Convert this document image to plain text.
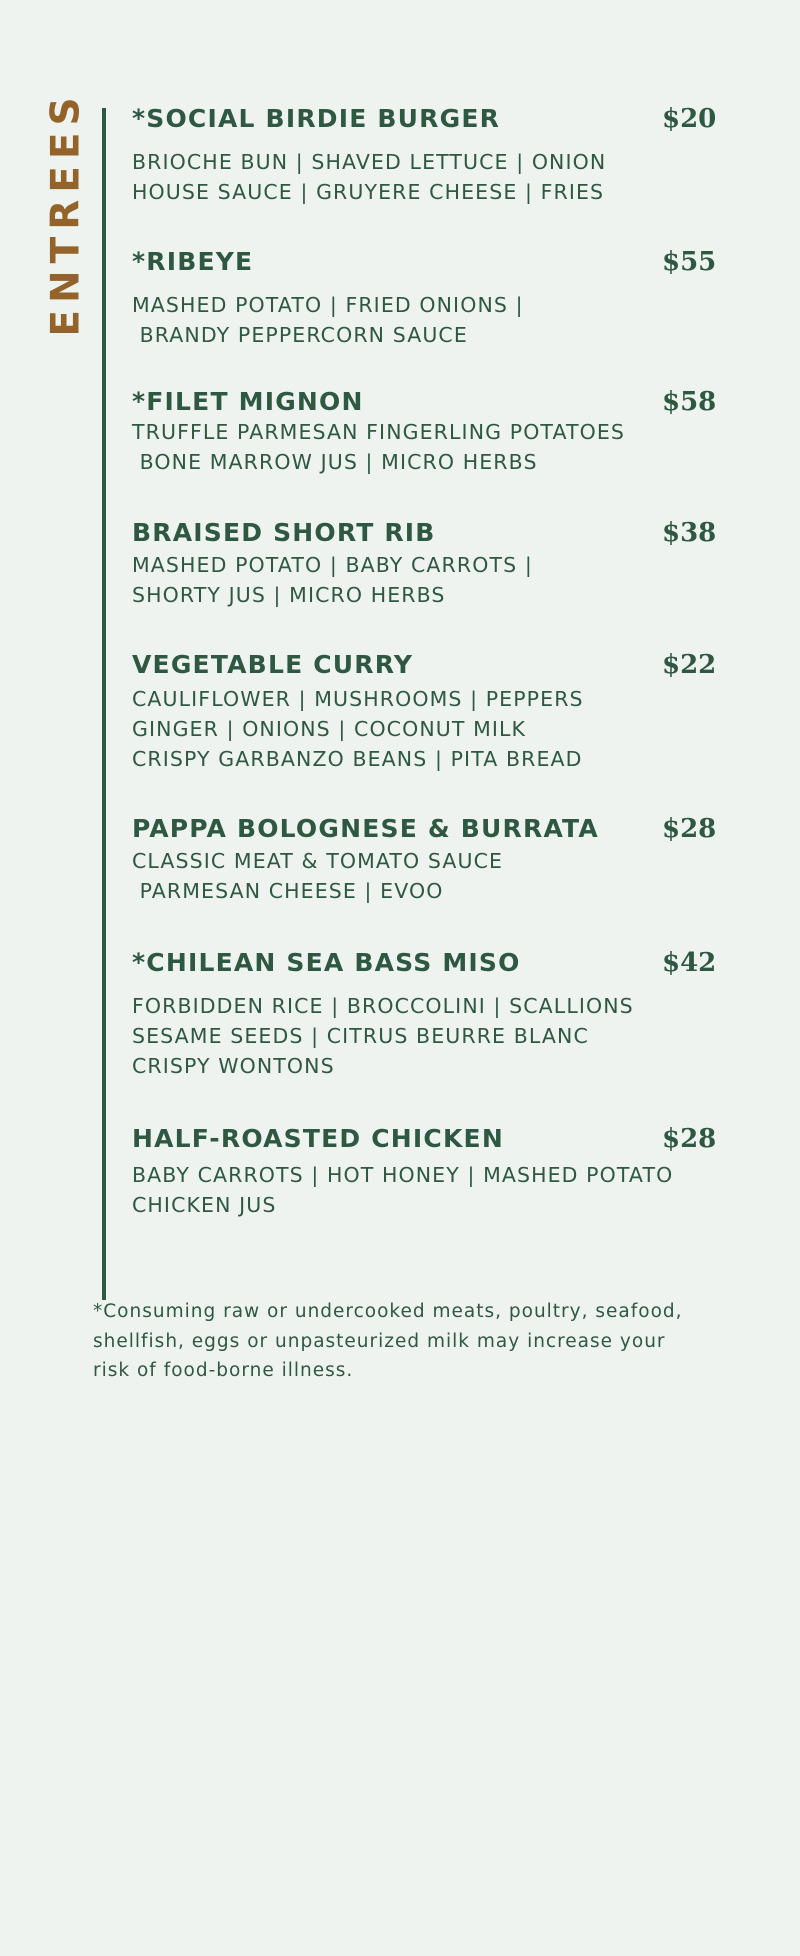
ENTREES *SOCIAL BIRDIE BURGER	$20
BRIOCHE BUN | SHAVED LETTUCE | ONION
HOUSE SAUCE | GRUYERE CHEESE | FRIES
*RIBEYE	$55
MASHED POTATO | FRIED ONIONS |
BRANDY PEPPERCORN SAUCE
*FILET MIGNON	$58
TRUFFLE PARMESAN FINGERLING POTATOES
BONE MARROW JUS | MICRO HERBS
BRAISED SHORT RIB	$38
MASHED POTATO | BABY CARROTS |
SHORTY JUS | MICRO HERBS
VEGETABLE CURRY	$22
CAULIFLOWER | MUSHROOMS | PEPPERS
GINGER | ONIONS | COCONUT MILK
CRISPY GARBANZO BEANS | PITA BREAD
PAPPA BOLOGNESE & BURRATA $28
CLASSIC MEAT & TOMATO SAUCE
PARMESAN CHEESE | EVOO
*CHILEAN SEA BASS MISO	$42
FORBIDDEN RICE | BROCCOLINI | SCALLIONS
SESAME SEEDS | CITRUS BEURRE BLANC
CRISPY WONTONS
HALF-ROASTED CHICKEN	$28
BABY CARROTS | HOT HONEY | MASHED POTATO
CHICKEN JUS
*Consuming raw or undercooked meats, poultry, seafood,
shellfish, eggs or unpasteurized milk may increase your
risk of food-borne illness.
